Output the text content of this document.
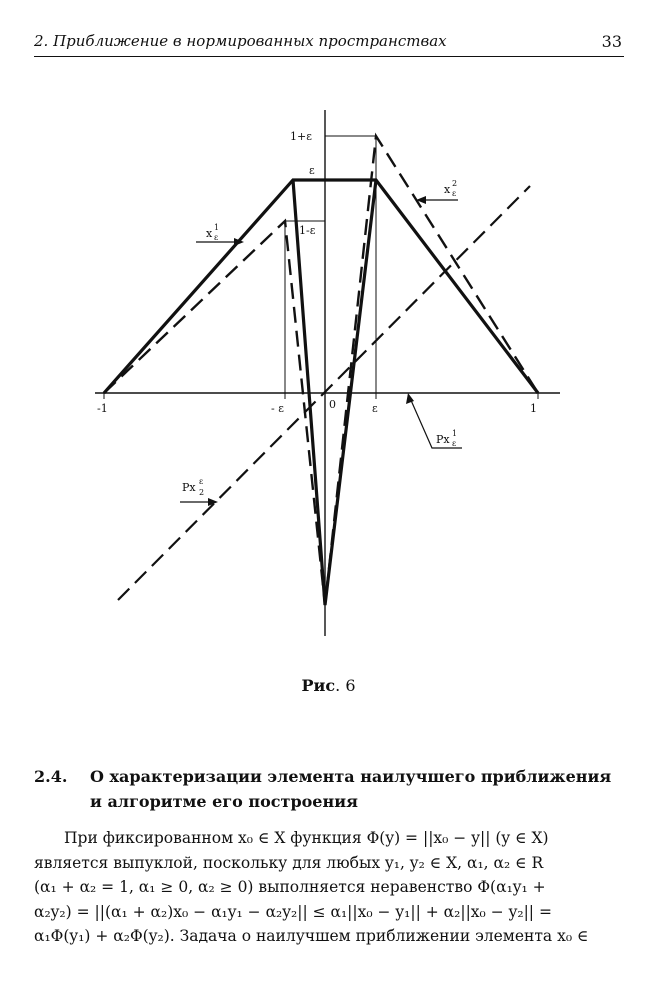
2. Приближение в нормированных пространствах	33
1+ε
ε
1-ε
-1	- ε	0	ε	1
x 1
ε
x 2
ε
Px 1
ε
Px ε
2
Рис. 6
2.4. О характеризации элемента наилучшего приближения
и алгоритме его построения
При фиксированном x₀ ∈ X функция Φ(y) = ||x₀ − y|| (y ∈ X)
является выпуклой, поскольку для любых y₁, y₂ ∈ X, α₁, α₂ ∈ R
(α₁ + α₂ = 1, α₁ ≥ 0, α₂ ≥ 0) выполняется неравенство Φ(α₁y₁ +
α₂y₂) = ||(α₁ + α₂)x₀ − α₁y₁ − α₂y₂|| ≤ α₁||x₀ − y₁|| + α₂||x₀ − y₂|| =
α₁Φ(y₁) + α₂Φ(y₂). Задача о наилучшем приближении элемента x₀ ∈
